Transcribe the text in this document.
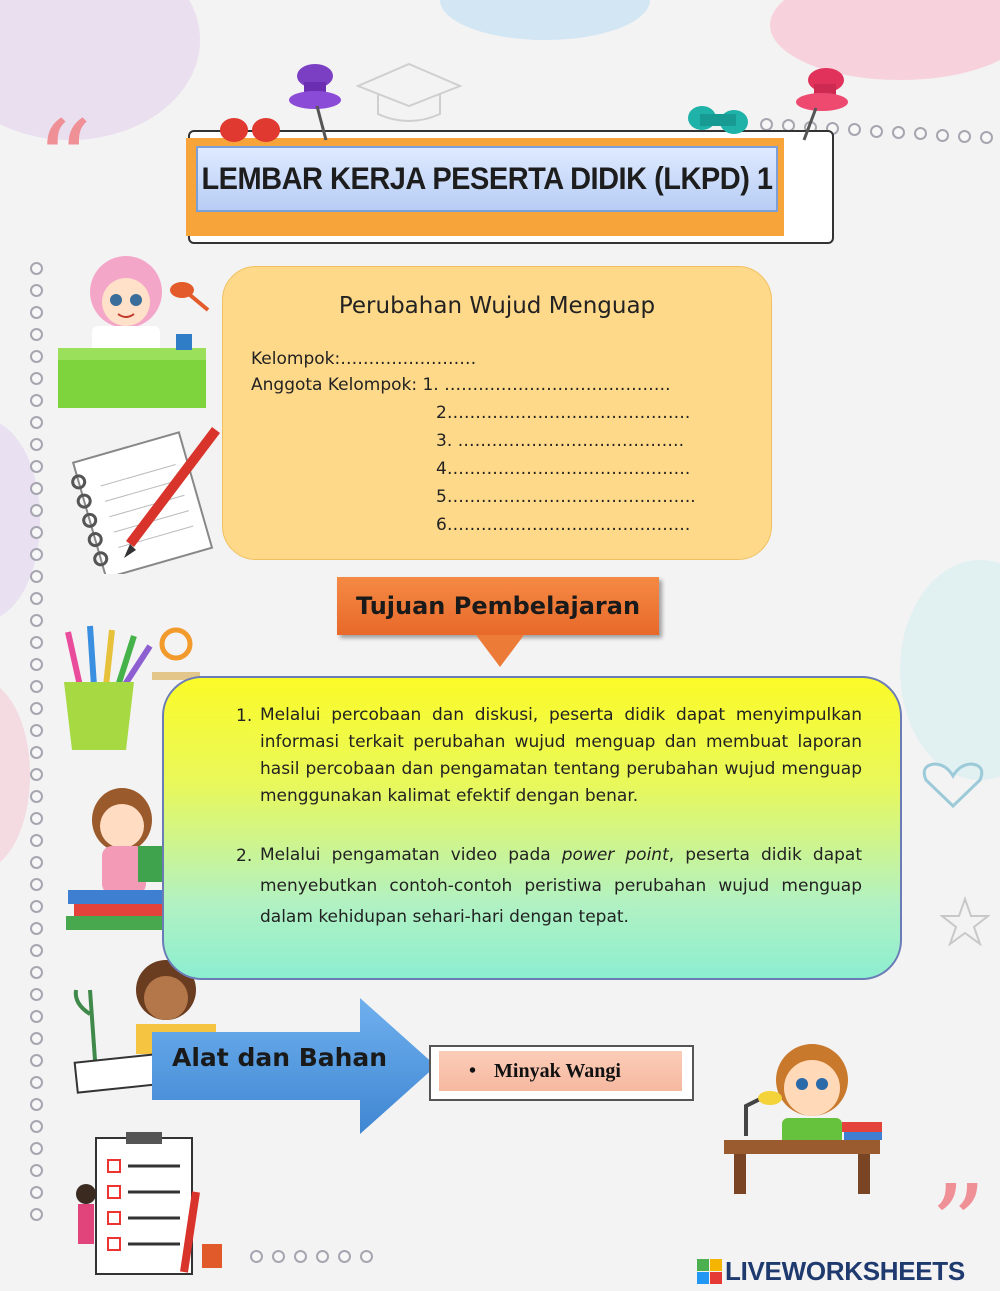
“
”
LEMBAR KERJA PESERTA DIDIK (LKPD) 1
Perubahan Wujud Menguap
Kelompok:……………………
Anggota Kelompok: 1. ………………………………….
2…………………………………….
3. ………………………………….
4…………………………………….
5……………………………………..
6…………………………………….
Tujuan Pembelajaran
1. Melalui percobaan dan diskusi, peserta didik dapat menyimpulkan informasi terkait perubahan wujud menguap dan membuat laporan hasil percobaan dan pengamatan tentang perubahan wujud menguap menggunakan kalimat efektif dengan benar.
2. Melalui pengamatan video pada power point, peserta didik dapat menyebutkan contoh-contoh peristiwa perubahan wujud menguap dalam kehidupan sehari-hari dengan tepat.
Alat dan Bahan	• Minyak Wangi
LIVEWORKSHEETS
